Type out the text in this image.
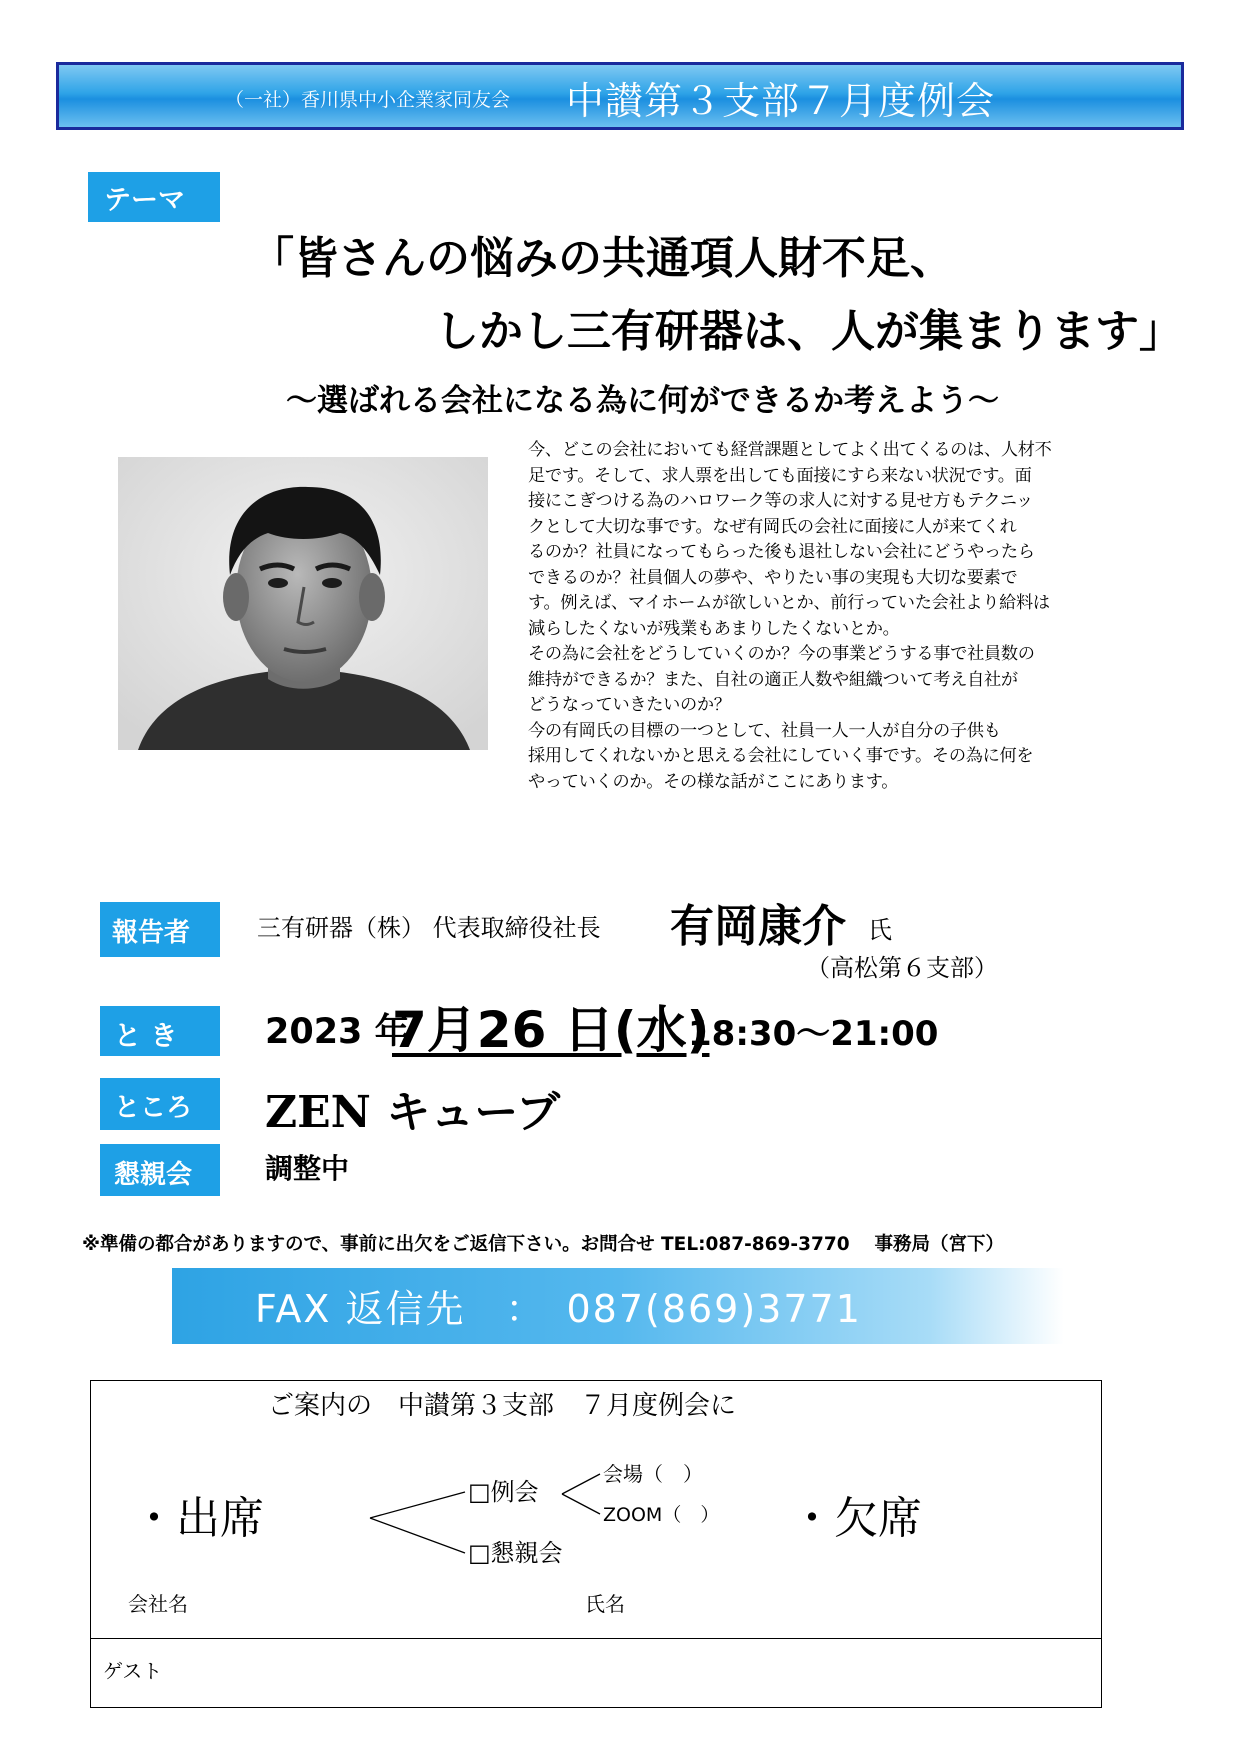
（一社）香川県中小企業家同友会 中讃第３支部７月度例会
テーマ
「皆さんの悩みの共通項人財不足、
しかし三有研器は、人が集まります」
～選ばれる会社になる為に何ができるか考えよう～
今、どこの会社においても経営課題としてよく出てくるのは、人材不
足です。そして、求人票を出しても面接にすら来ない状況です。面
接にこぎつける為のハロワーク等の求人に対する見せ方もテクニッ
クとして大切な事です。なぜ有岡氏の会社に面接に人が来てくれ
るのか？社員になってもらった後も退社しない会社にどうやったら
できるのか？社員個人の夢や、やりたい事の実現も大切な要素で
す。例えば、マイホームが欲しいとか、前行っていた会社より給料は
減らしたくないが残業もあまりしたくないとか。
その為に会社をどうしていくのか？今の事業どうする事で社員数の
維持ができるか？また、自社の適正人数や組織ついて考え自社が
どうなっていきたいのか？
今の有岡氏の目標の一つとして、社員一人一人が自分の子供も
採用してくれないかと思える会社にしていく事です。その為に何を
やっていくのか。その様な話がここにあります。
報告者	三有研器（株） 代表取締役社長 有岡康介 氏
（高松第６支部）
と き	2023 年
7月26 日(水)
18:30～21:00
ところ	ZEN キューブ
懇親会	調整中
※準備の都合がありますので、事前に出欠をご返信下さい。お問合せ TEL:087-869-3770　 事務局（宮下）
FAX 返信先　：　087(869)3771
ご案内の　中讃第３支部　７月度例会に
・出席	・欠席
□例会
□懇親会
会場（　）
ZOOM（　）
会社名	氏名
ゲスト
